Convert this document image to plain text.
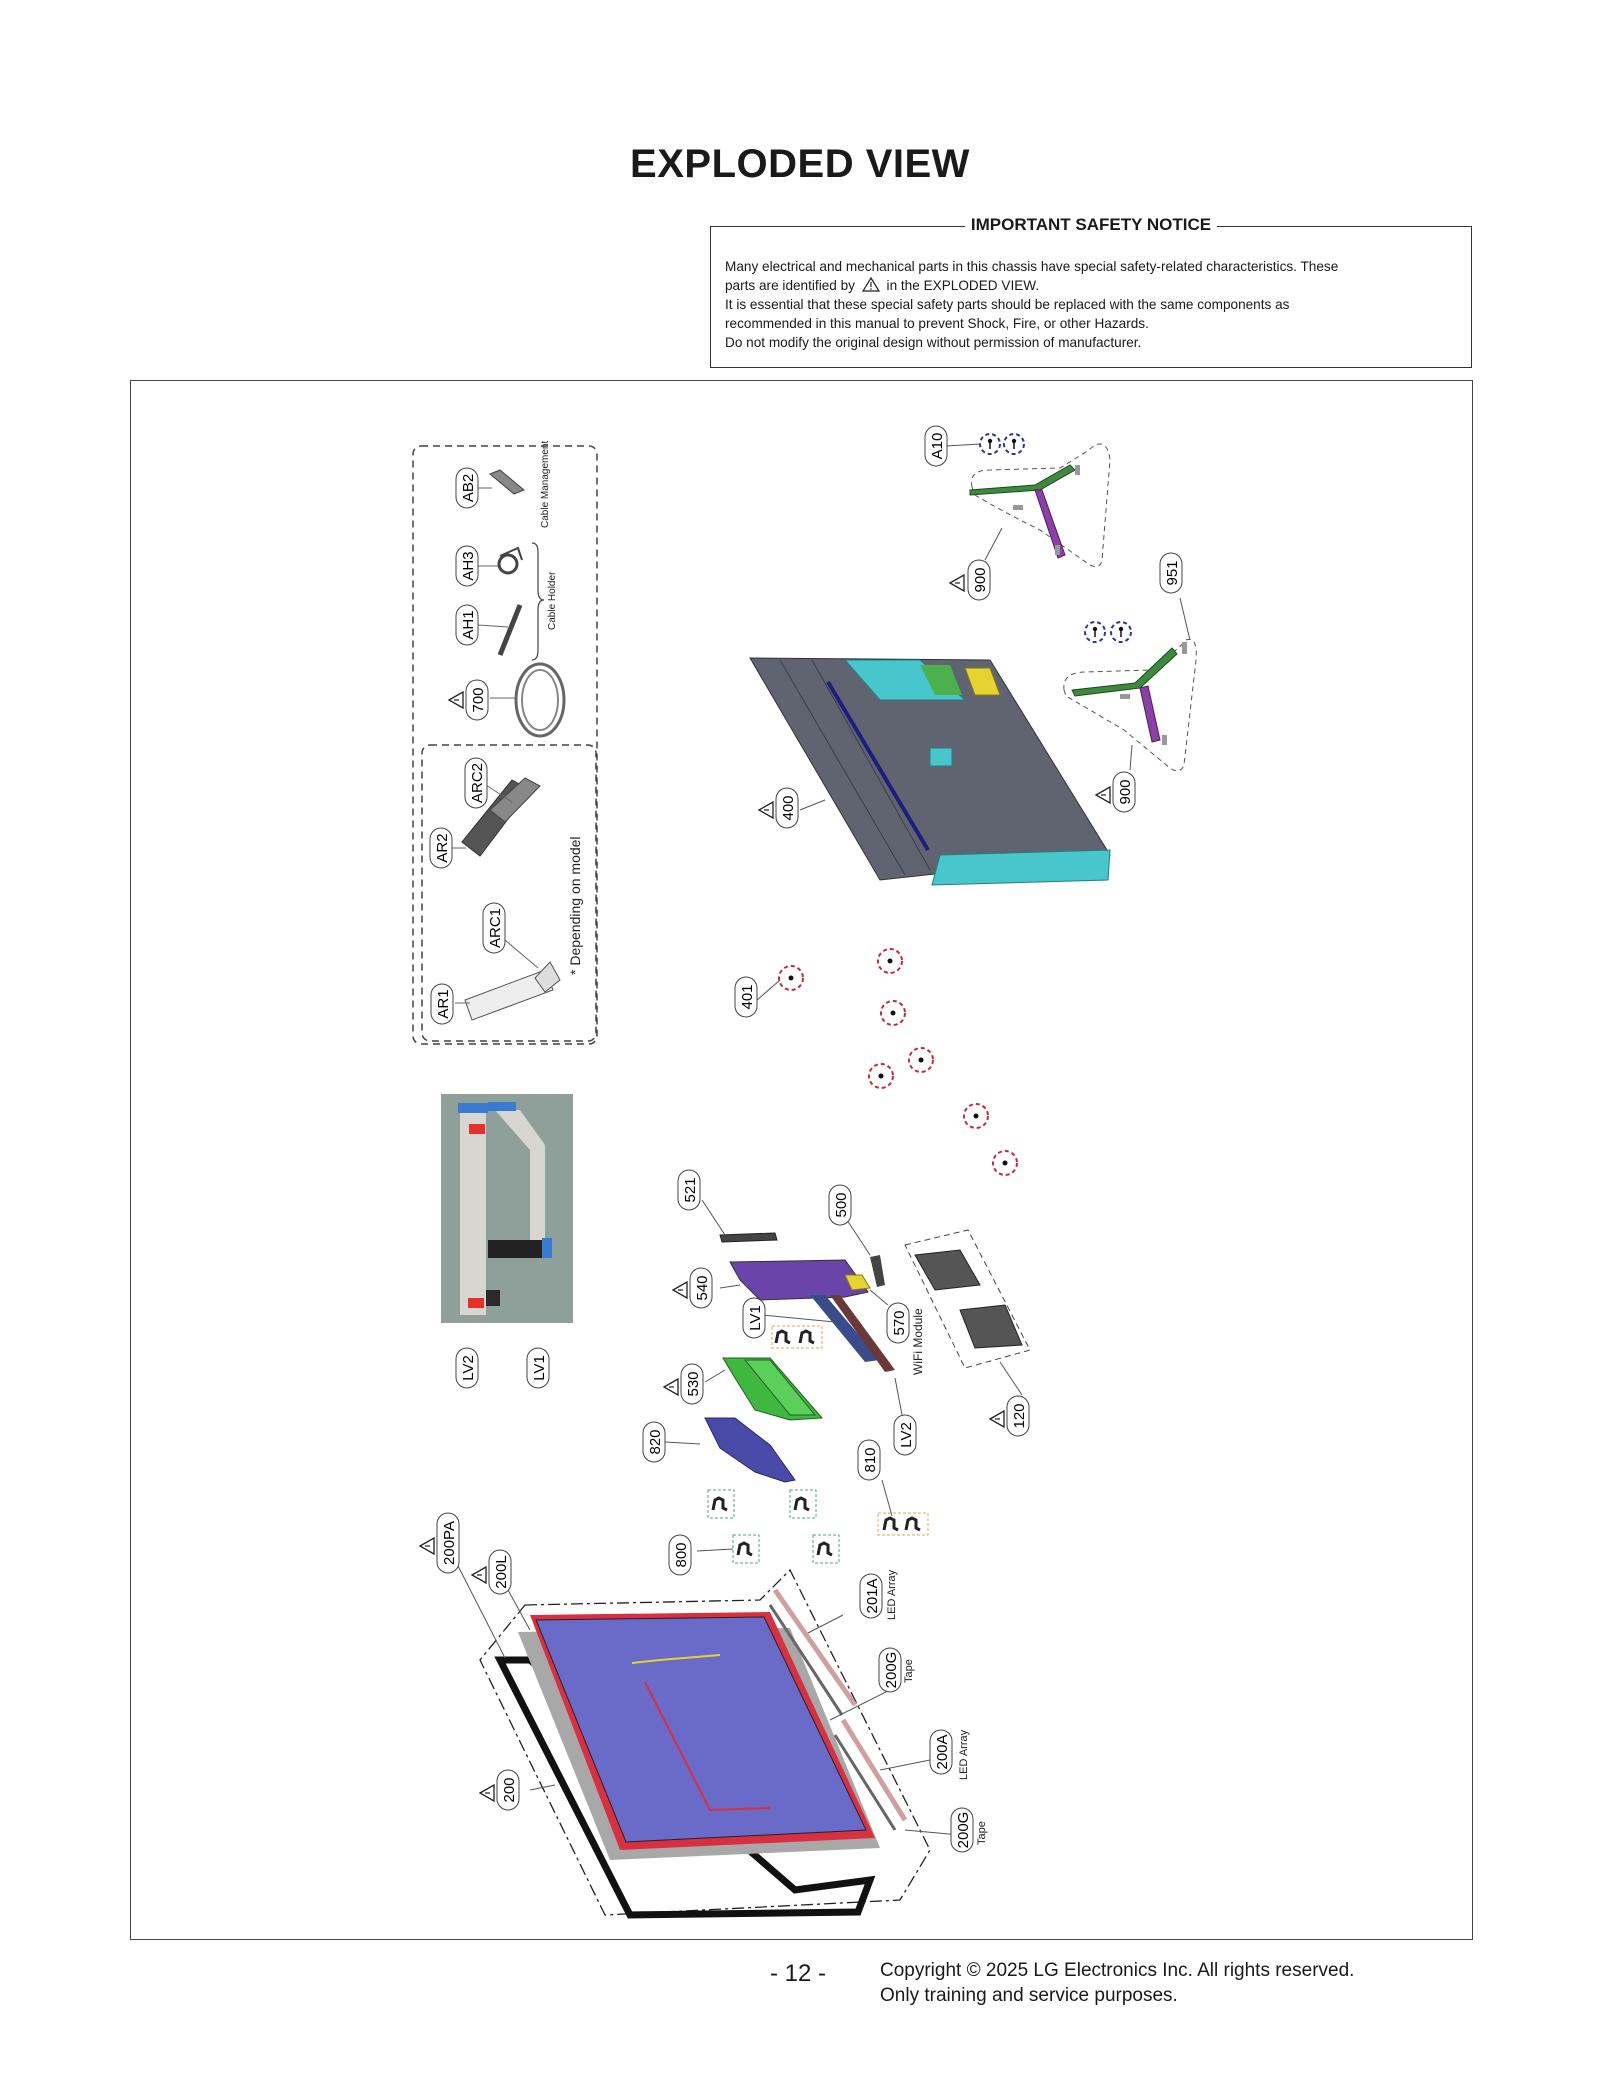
EXPLODED VIEW
IMPORTANT SAFETY NOTICE

Many electrical and mechanical parts in this chassis have special safety-related characteristics. These

parts are identified by in the EXPLODED VIEW.

It is essential that these special safety parts should be replaced with the same components as

recommended in this manual to prevent Shock, Fire, or other Hazards.

Do not modify the original design without permission of manufacturer.

Cable Management
Cable Holder
* Depending on model
AB2
AH3
AH1
700
ARC2
AR2
ARC1
AR1
LV2	LV1
A10
900	951
900
400
401
521
500
540
LV1	570 WiFi Module
530
LV2
120
820
810
800
200PA
200L
201A LED Array
200G Tape
200A LED Array
200G Tape
200
- 12 -	Copyright © 2025 LG Electronics Inc. All rights reserved.
Only training and service purposes.
